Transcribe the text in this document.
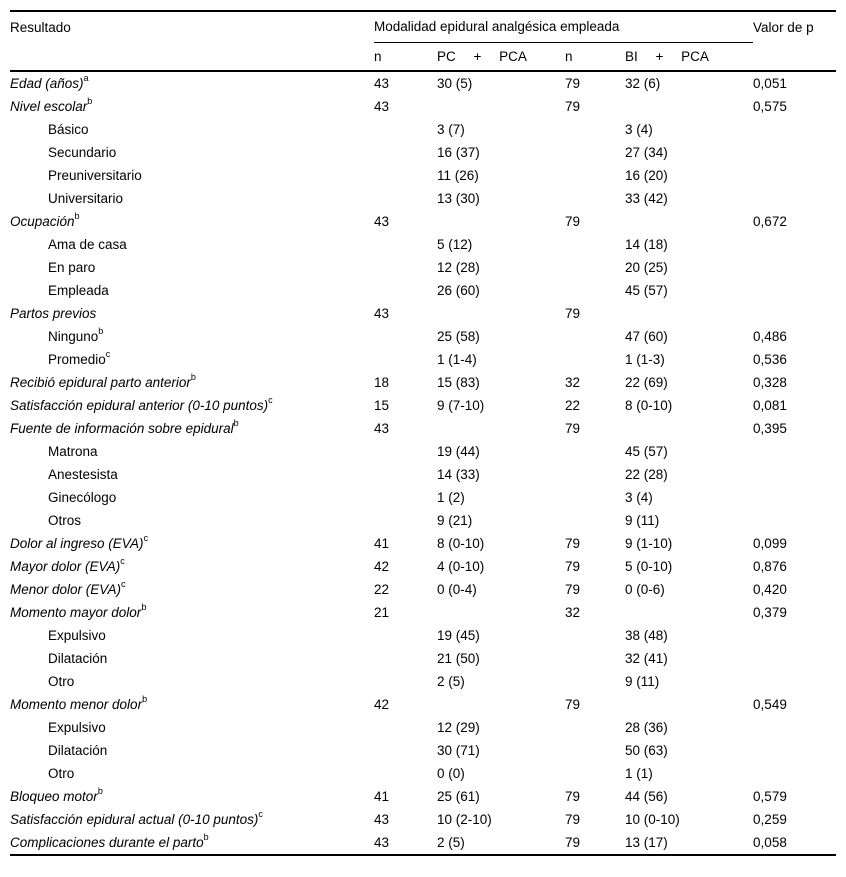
Resultado	Modalidad epidural analgésica empleada				Valor de p
	n	PC + PCA	n	BI + PCA	
Edad (años)$^a$	43	30 (5)	79	32 (6)	0,051
Nivel escolar$^b$	43		79		0,575
Básico		3 (7)		3 (4)	
Secundario		16 (37)		27 (34)	
Preuniversitario		11 (26)		16 (20)	
Universitario		13 (30)		33 (42)	
Ocupación$^b$	43		79		0,672
Ama de casa		5 (12)		14 (18)	
En paro		12 (28)		20 (25)	
Empleada		26 (60)		45 (57)	
Partos previos	43		79		
Ninguno$^b$		25 (58)		47 (60)	0,486
Promedio$^c$		1 (1-4)		1 (1-3)	0,536
Recibió epidural parto anterior$^b$	18	15 (83)	32	22 (69)	0,328
Satisfacción epidural anterior (0-10 puntos)$^c$	15	9 (7-10)	22	8 (0-10)	0,081
Fuente de información sobre epidural$^b$	43		79		0,395
Matrona		19 (44)		45 (57)	
Anestesista		14 (33)		22 (28)	
Ginecólogo		1 (2)		3 (4)	
Otros		9 (21)		9 (11)	
Dolor al ingreso (EVA)$^c$	41	8 (0-10)	79	9 (1-10)	0,099
Mayor dolor (EVA)$^c$	42	4 (0-10)	79	5 (0-10)	0,876
Menor dolor (EVA)$^c$	22	0 (0-4)	79	0 (0-6)	0,420
Momento mayor dolor$^b$	21		32		0,379
Expulsivo		19 (45)		38 (48)	
Dilatación		21 (50)		32 (41)	
Otro		2 (5)		9 (11)	
Momento menor dolor$^b$	42		79		0,549
Expulsivo		12 (29)		28 (36)	
Dilatación		30 (71)		50 (63)	
Otro		0 (0)		1 (1)	
Bloqueo motor$^b$	41	25 (61)	79	44 (56)	0,579
Satisfacción epidural actual (0-10 puntos)$^c$	43	10 (2-10)	79	10 (0-10)	0,259
Complicaciones durante el parto$^b$	43	2 (5)	79	13 (17)	0,058
